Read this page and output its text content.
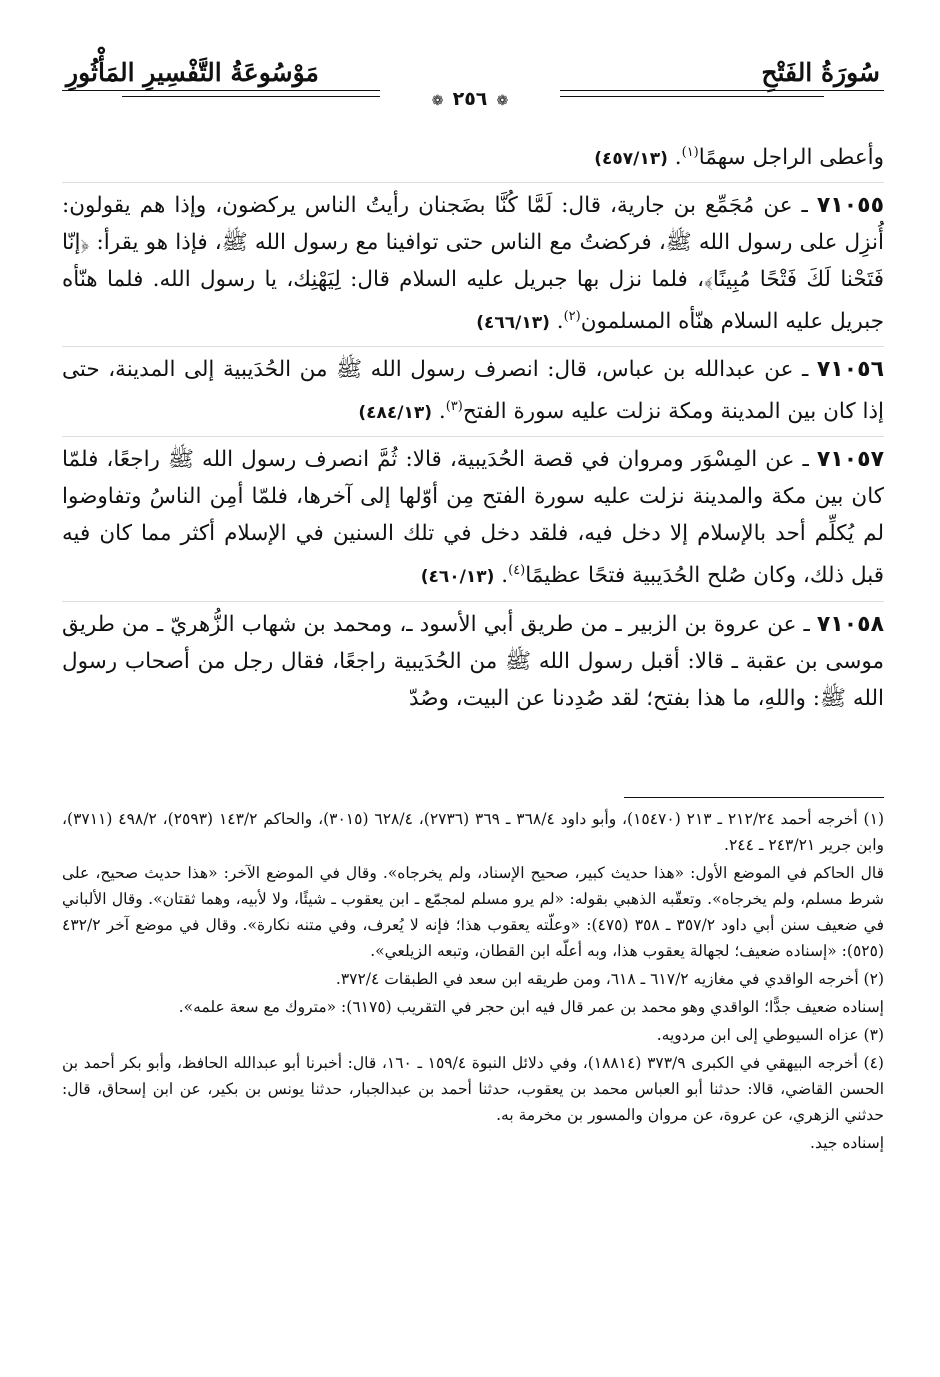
سُورَةُ الفَتْحِ
مَوْسُوعَةُ التَّفْسِيرِ المَأْثُورِ
❁ ٢٥٦ ❁

وأعطى الراجل سهمًا$^{(١)}$. (٤٥٧/١٣)

٧١٠٥٥ ـ عن مُجَمِّع بن جارية، قال: لَمَّا كُنَّا بضَجنان رأيتُ الناس يركضون، وإذا هم يقولون: أُنزِل على رسول الله ﷺ، فركضتُ مع الناس حتى توافينا مع رسول الله ﷺ، فإذا هو يقرأ: ﴿إنّا فَتَحْنا لَكَ فَتْحًا مُبِينًا﴾، فلما نزل بها جبريل عليه السلام قال: لِيَهْنِك، يا رسول الله. فلما هنّأه جبريل عليه السلام هنّأه المسلمون$^{(٢)}$. (٤٦٦/١٣)

٧١٠٥٦ ـ عن عبدالله بن عباس، قال: انصرف رسول الله ﷺ من الحُدَيبية إلى المدينة، حتى إذا كان بين المدينة ومكة نزلت عليه سورة الفتح$^{(٣)}$. (٤٨٤/١٣)

٧١٠٥٧ ـ عن المِسْوَر ومروان في قصة الحُدَيبية، قالا: ثُمَّ انصرف رسول الله ﷺ راجعًا، فلمّا كان بين مكة والمدينة نزلت عليه سورة الفتح مِن أوّلها إلى آخرها، فلمّا أمِن الناسُ وتفاوضوا لم يُكلِّم أحد بالإسلام إلا دخل فيه، فلقد دخل في تلك السنين في الإسلام أكثر مما كان فيه قبل ذلك، وكان صُلح الحُدَيبية فتحًا عظيمًا$^{(٤)}$. (٤٦٠/١٣)

٧١٠٥٨ ـ عن عروة بن الزبير ـ من طريق أبي الأسود ـ، ومحمد بن شهاب الزُّهريّ ـ من طريق موسى بن عقبة ـ قالا: أقبل رسول الله ﷺ من الحُدَيبية راجعًا، فقال رجل من أصحاب رسول الله ﷺ: واللهِ، ما هذا بفتح؛ لقد صُدِدنا عن البيت، وصُدّ

(١) أخرجه أحمد ٢١٢/٢٤ ـ ٢١٣ (١٥٤٧٠)، وأبو داود ٣٦٨/٤ ـ ٣٦٩ (٢٧٣٦)، ٦٢٨/٤ (٣٠١٥)، والحاكم ١٤٣/٢ (٢٥٩٣)، ٤٩٨/٢ (٣٧١١)، وابن جرير ٢٤٣/٢١ ـ ٢٤٤.

قال الحاكم في الموضع الأول: «هذا حديث كبير، صحيح الإسناد، ولم يخرجاه». وقال في الموضع الآخر: «هذا حديث صحيح، على شرط مسلم، ولم يخرجاه». وتعقّبه الذهبي بقوله: «لم يرو مسلم لمجمّع ـ ابن يعقوب ـ شيئًا، ولا لأبيه، وهما ثقتان». وقال الألباني في ضعيف سنن أبي داود ٣٥٧/٢ ـ ٣٥٨ (٤٧٥): «وعلّته يعقوب هذا؛ فإنه لا يُعرف، وفي متنه نكارة». وقال في موضع آخر ٤٣٢/٢ (٥٢٥): «إسناده ضعيف؛ لجهالة يعقوب هذا، وبه أعلّه ابن القطان، وتبعه الزيلعي».

(٢) أخرجه الواقدي في مغازيه ٦١٧/٢ ـ ٦١٨، ومن طريقه ابن سعد في الطبقات ٣٧٢/٤.

إسناده ضعيف جدًّا؛ الواقدي وهو محمد بن عمر قال فيه ابن حجر في التقريب (٦١٧٥): «متروك مع سعة علمه».

(٣) عزاه السيوطي إلى ابن مردويه.

(٤) أخرجه البيهقي في الكبرى ٣٧٣/٩ (١٨٨١٤)، وفي دلائل النبوة ١٥٩/٤ ـ ١٦٠، قال: أخبرنا أبو عبدالله الحافظ، وأبو بكر أحمد بن الحسن القاضي، قالا: حدثنا أبو العباس محمد بن يعقوب، حدثنا أحمد بن عبدالجبار، حدثنا يونس بن بكير، عن ابن إسحاق، قال: حدثني الزهري، عن عروة، عن مروان والمسور بن مخرمة به.

إسناده جيد.
